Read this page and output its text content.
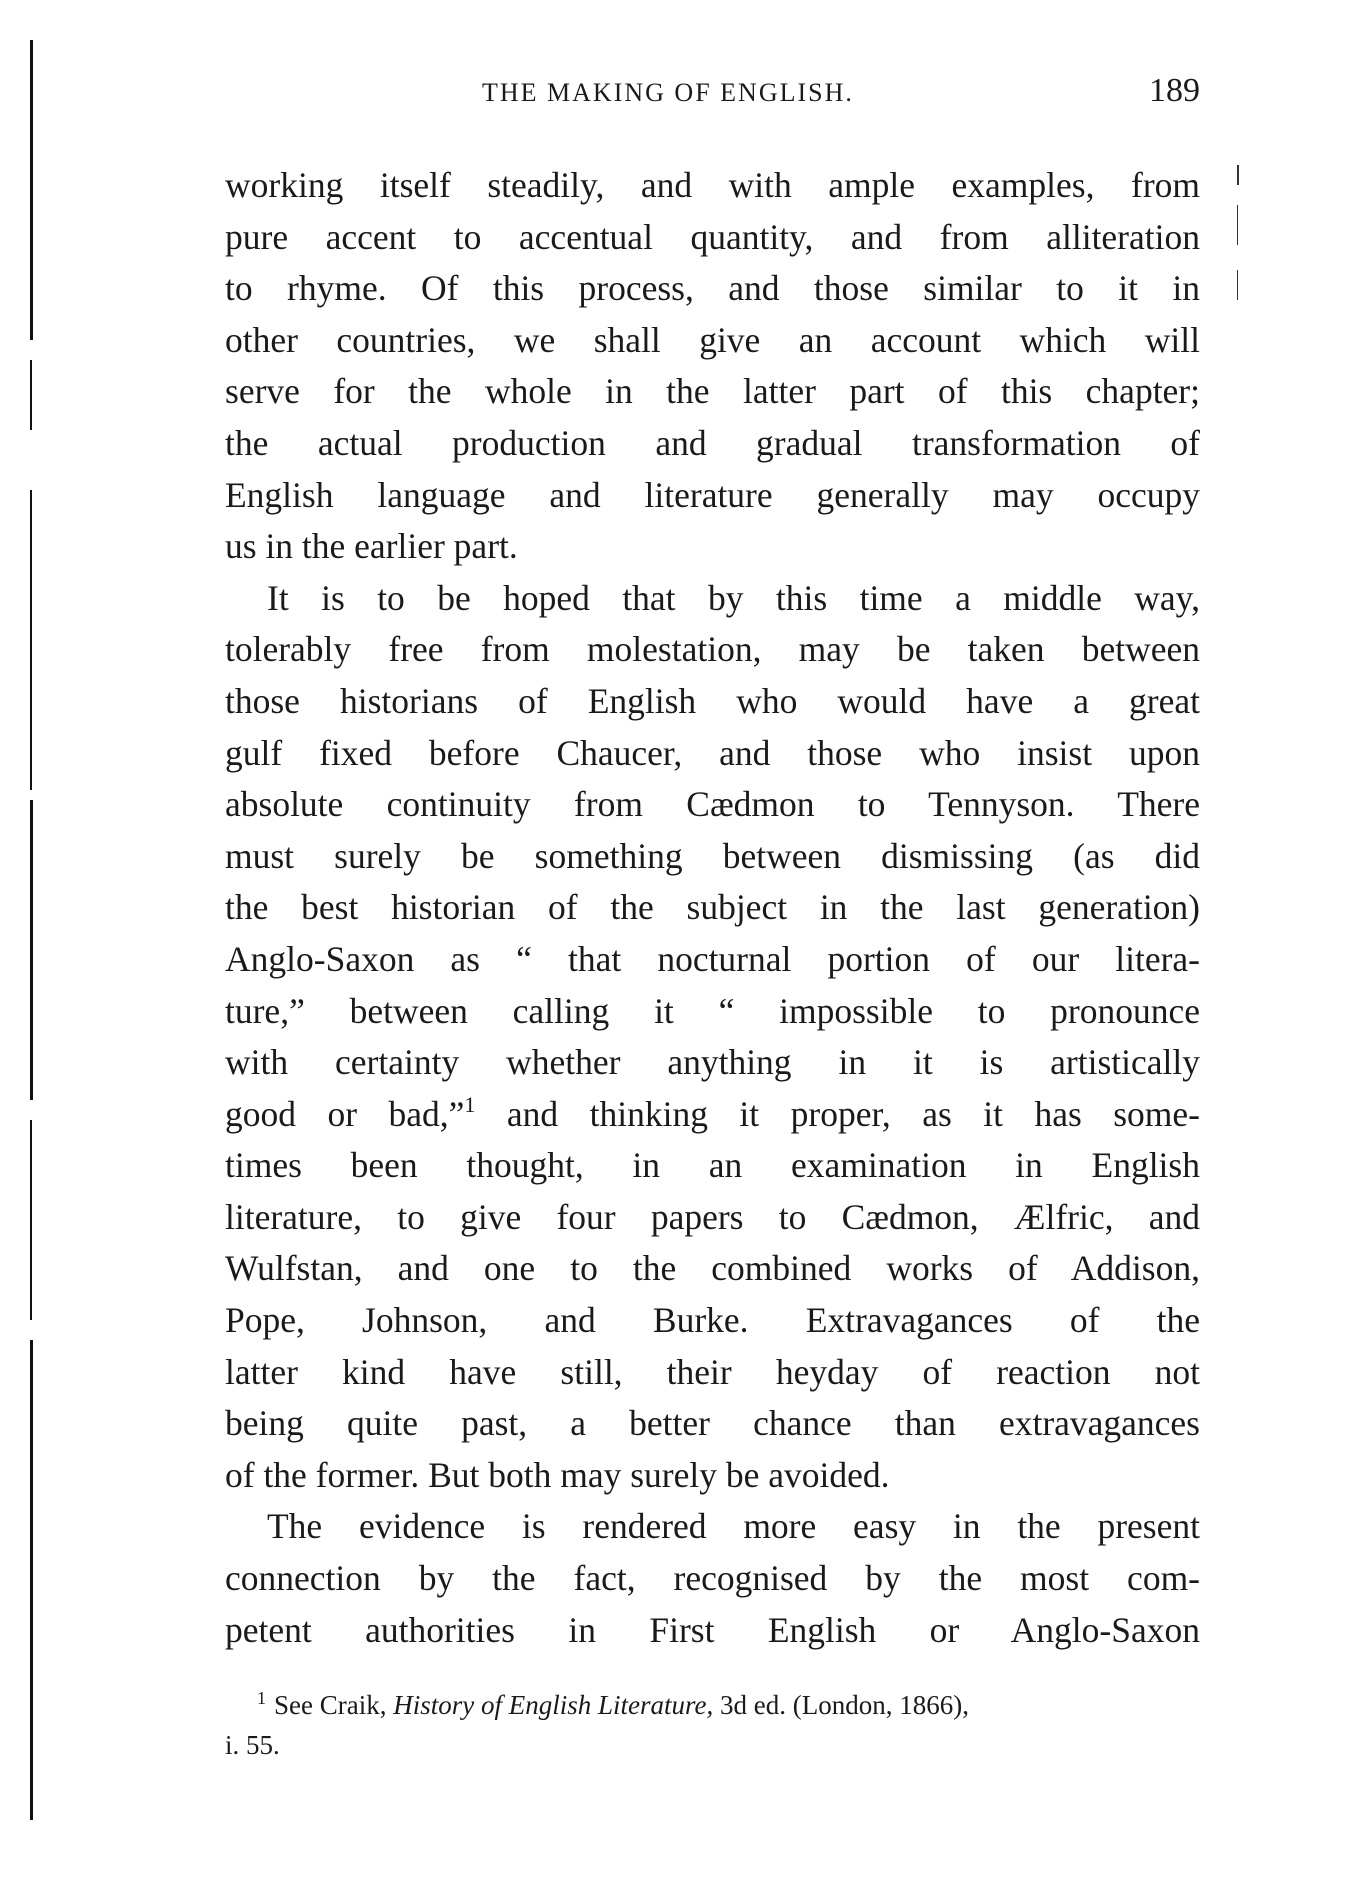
THE MAKING OF ENGLISH.	189
working itself steadily, and with ample examples, from
pure accent to accentual quantity, and from alliteration
to rhyme. Of this process, and those similar to it in
other countries, we shall give an account which will
serve for the whole in the latter part of this chapter;
the actual production and gradual transformation of
English language and literature generally may occupy
us in the earlier part.
It is to be hoped that by this time a middle way,
tolerably free from molestation, may be taken between
those historians of English who would have a great
gulf fixed before Chaucer, and those who insist upon
absolute continuity from Cædmon to Tennyson. There
must surely be something between dismissing (as did
the best historian of the subject in the last generation)
Anglo-Saxon as “ that nocturnal portion of our litera-
ture,” between calling it “ impossible to pronounce
with certainty whether anything in it is artistically
good or bad,”$^1$ and thinking it proper, as it has some-
times been thought, in an examination in English
literature, to give four papers to Cædmon, Ælfric, and
Wulfstan, and one to the combined works of Addison,
Pope, Johnson, and Burke. Extravagances of the
latter kind have still, their heyday of reaction not
being quite past, a better chance than extravagances
of the former. But both may surely be avoided.
The evidence is rendered more easy in the present
connection by the fact, recognised by the most com-
petent authorities in First English or Anglo-Saxon
$^1$ See Craik, History of English Literature, 3d ed. (London, 1866),
i. 55.
